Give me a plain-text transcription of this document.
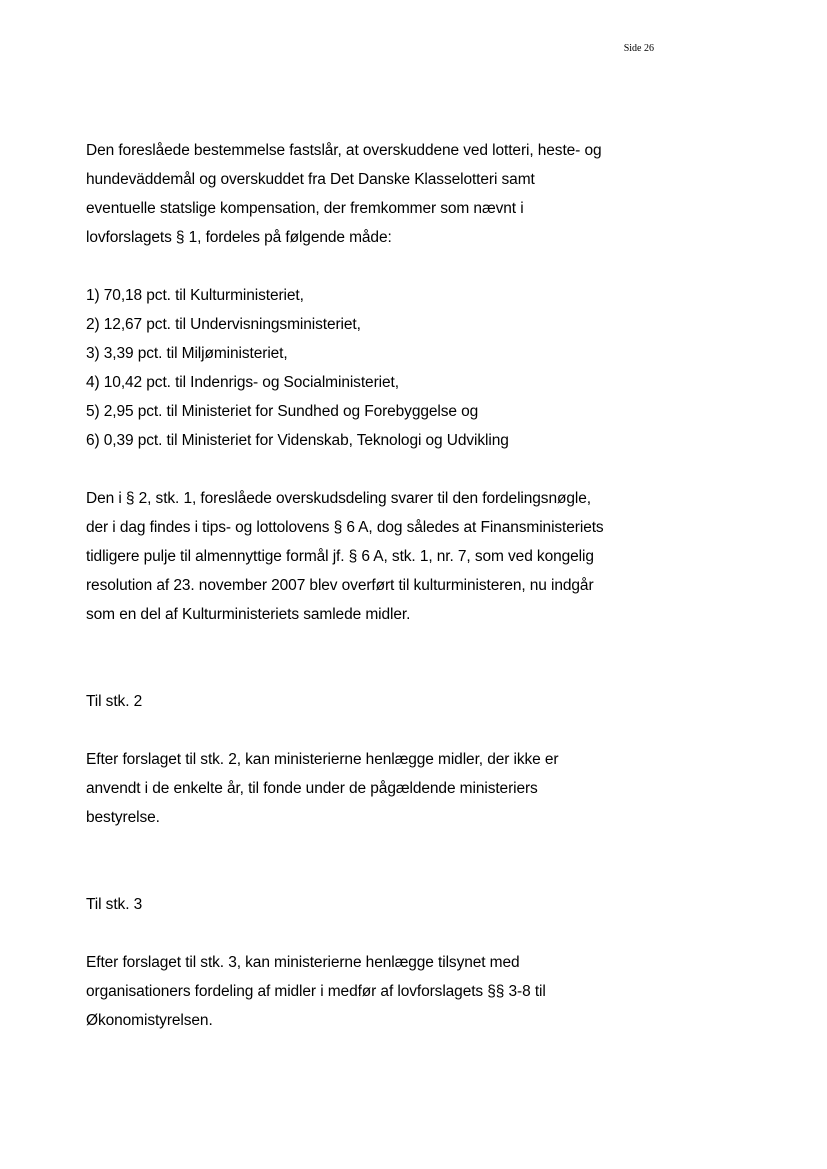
Side 26

Den foreslåede bestemmelse fastslår, at overskuddene ved lotteri, heste- og
hundeväddemål og overskuddet fra Det Danske Klasselotteri samt
eventuelle statslige kompensation, der fremkommer som nævnt i
lovforslagets § 1, fordeles på følgende måde:

1) 70,18 pct. til Kulturministeriet,
2) 12,67 pct. til Undervisningsministeriet,
3) 3,39 pct. til Miljøministeriet,
4) 10,42 pct. til Indenrigs- og Socialministeriet,
5) 2,95 pct. til Ministeriet for Sundhed og Forebyggelse og
6) 0,39 pct. til Ministeriet for Videnskab, Teknologi og Udvikling

Den i § 2, stk. 1, foreslåede overskudsdeling svarer til den fordelingsnøgle,
der i dag findes i tips- og lottolovens § 6 A, dog således at Finansministeriets
tidligere pulje til almennyttige formål jf. § 6 A, stk. 1, nr. 7, som ved kongelig
resolution af 23. november 2007 blev overført til kulturministeren, nu indgår
som en del af Kulturministeriets samlede midler.

Til stk. 2

Efter forslaget til stk. 2, kan ministerierne henlægge midler, der ikke er
anvendt i de enkelte år, til fonde under de pågældende ministeriers
bestyrelse.

Til stk. 3

Efter forslaget til stk. 3, kan ministerierne henlægge tilsynet med
organisationers fordeling af midler i medfør af lovforslagets §§ 3-8 til
Økonomistyrelsen.
